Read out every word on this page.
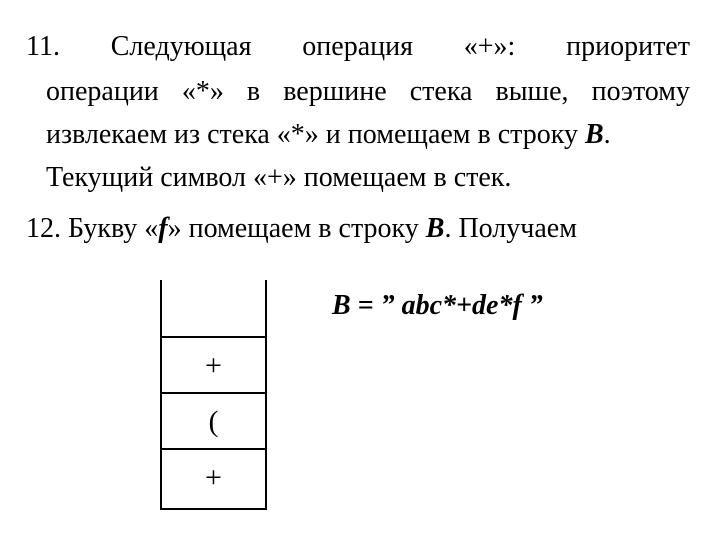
11. Следующая операция «+»: приоритет
операции «*» в вершине стека выше, поэтому
извлекаем из стека «*» и помещаем в строку B.
Текущий символ «+» помещаем в стек.
12. Букву «f» помещаем в строку B. Получаем
+
(
+
B = ” abc*+de*f ”
